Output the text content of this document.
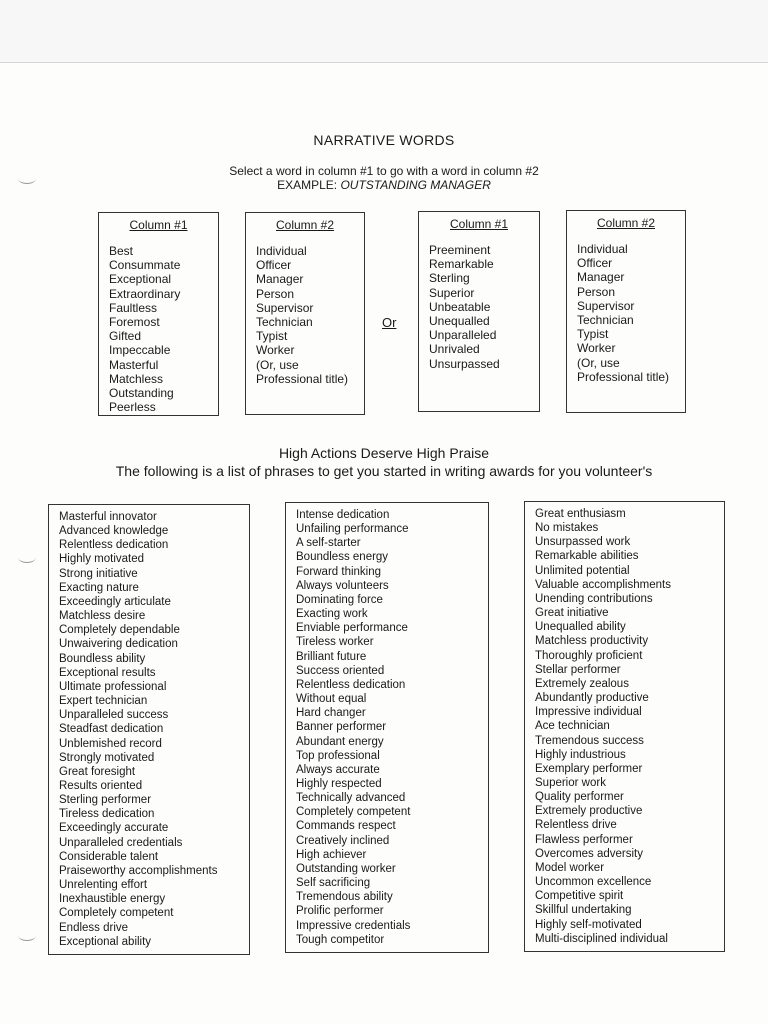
NARRATIVE WORDS
Select a word in column #1 to go with a word in column #2
EXAMPLE: OUTSTANDING MANAGER
Column #1
Best
Consummate
Exceptional
Extraordinary
Faultless
Foremost
Gifted
Impeccable
Masterful
Matchless
Outstanding
Peerless
Column #2
Individual
Officer
Manager
Person
Supervisor
Technician
Typist
Worker
(Or, use
Professional title)
Or
Column #1
Preeminent
Remarkable
Sterling
Superior
Unbeatable
Unequalled
Unparalleled
Unrivaled
Unsurpassed
Column #2
Individual
Officer
Manager
Person
Supervisor
Technician
Typist
Worker
(Or, use
Professional title)
High Actions Deserve High Praise
The following is a list of phrases to get you started in writing awards for you volunteer's
Masterful innovator
Advanced knowledge
Relentless dedication
Highly motivated
Strong initiative
Exacting nature
Exceedingly articulate
Matchless desire
Completely dependable
Unwaivering dedication
Boundless ability
Exceptional results
Ultimate professional
Expert technician
Unparalleled success
Steadfast dedication
Unblemished record
Strongly motivated
Great foresight
Results oriented
Sterling performer
Tireless dedication
Exceedingly accurate
Unparalleled credentials
Considerable talent
Praiseworthy accomplishments
Unrelenting effort
Inexhaustible energy
Completely competent
Endless drive
Exceptional ability
Intense dedication
Unfailing performance
A self-starter
Boundless energy
Forward thinking
Always volunteers
Dominating force
Exacting work
Enviable performance
Tireless worker
Brilliant future
Success oriented
Relentless dedication
Without equal
Hard changer
Banner performer
Abundant energy
Top professional
Always accurate
Highly respected
Technically advanced
Completely competent
Commands respect
Creatively inclined
High achiever
Outstanding worker
Self sacrificing
Tremendous ability
Prolific performer
Impressive credentials
Tough competitor
Great enthusiasm
No mistakes
Unsurpassed work
Remarkable abilities
Unlimited potential
Valuable accomplishments
Unending contributions
Great initiative
Unequalled ability
Matchless productivity
Thoroughly proficient
Stellar performer
Extremely zealous
Abundantly productive
Impressive individual
Ace technician
Tremendous success
Highly industrious
Exemplary performer
Superior work
Quality performer
Extremely productive
Relentless drive
Flawless performer
Overcomes adversity
Model worker
Uncommon excellence
Competitive spirit
Skillful undertaking
Highly self-motivated
Multi-disciplined individual
